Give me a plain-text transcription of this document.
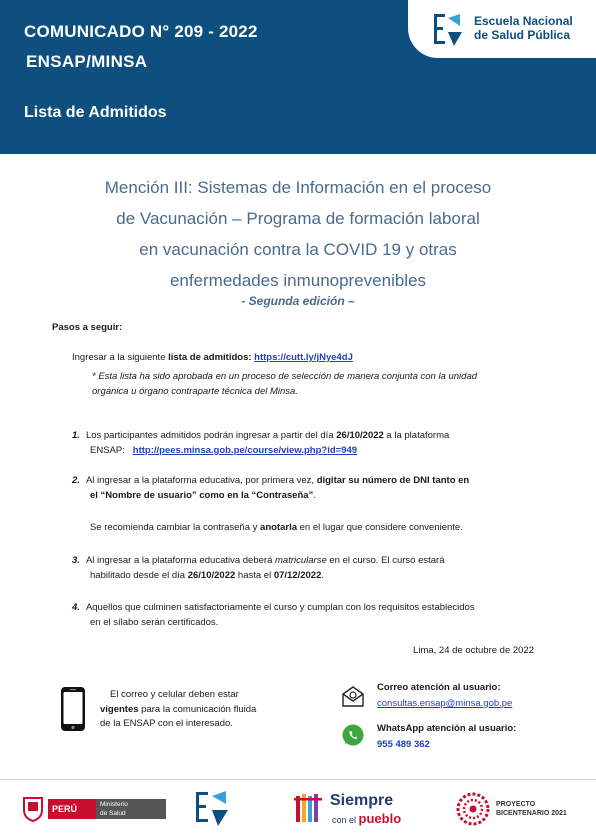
COMUNICADO N° 209 - 2022
ENSAP/MINSA
Lista de Admitidos
Escuela Nacional
de Salud Pública
Mención III: Sistemas de Información en el proceso
de Vacunación – Programa de formación laboral
en vacunación contra la COVID 19 y otras
enfermedades inmunoprevenibles
- Segunda edición –
Pasos a seguir:
Ingresar a la siguiente lista de admitidos: https://cutt.ly/jNye4dJ
* Esta lista ha sido aprobada en un proceso de selección de manera conjunta con la unidad
orgánica u órgano contraparte técnica del Minsa.
1. Los participantes admitidos podrán ingresar a partir del día 26/10/2022 a la plataforma
ENSAP: http://pees.minsa.gob.pe/course/view.php?id=949
2. Al ingresar a la plataforma educativa, por primera vez, digitar su número de DNI tanto en
el “Nombre de usuario” como en la “Contraseña”.
Se recomienda cambiar la contraseña y anotarla en el lugar que considere conveniente.
3. Al ingresar a la plataforma educativa deberá matricularse en el curso. El curso estará
habilitado desde el día 26/10/2022 hasta el 07/12/2022.
4. Aquellos que culminen satisfactoriamente el curso y cumplan con los requisitos establecidos
en el sílabo serán certificados.
Lima, 24 de octubre de 2022
El correo y celular deben estar
vigentes para la comunicación fluida
de la ENSAP con el interesado.
Correo atención al usuario:
consultas.ensap@minsa.gob.pe
WhatsApp atención al usuario:
955 489 362
PERÚ	Ministerio
de Salud
Siempre
con el pueblo
PROYECTO
BICENTENARIO 2021
